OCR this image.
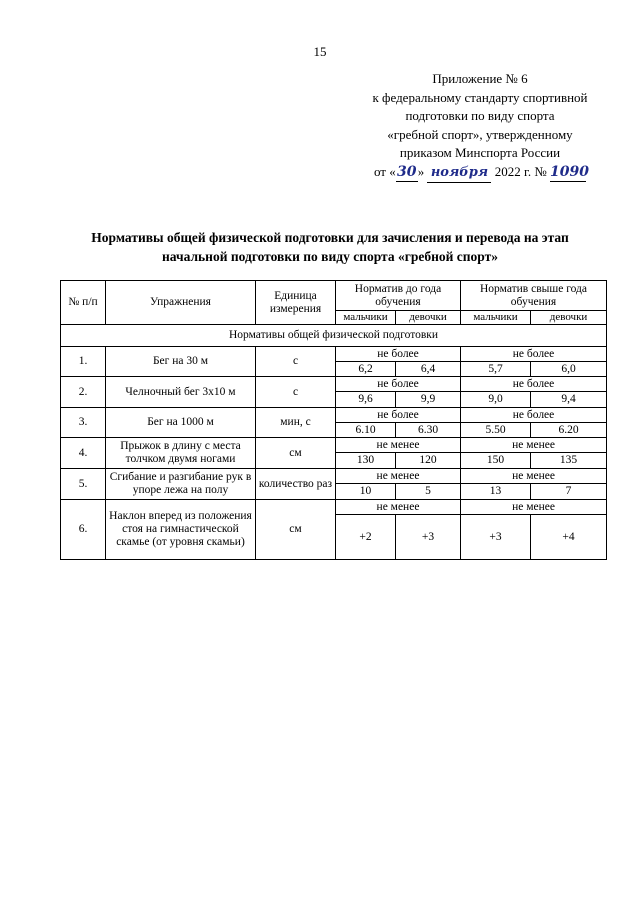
15
Приложение № 6
к федеральному стандарту спортивной
подготовки по виду спорта
«гребной спорт», утвержденному
приказом Минспорта России
от «30» ноября 2022 г. № 1090
Нормативы общей физической подготовки для зачисления и перевода на этап
начальной подготовки по виду спорта «гребной спорт»
№ п/п	Упражнения	Единица измерения	Норматив до года обучения		Норматив свыше года обучения	
			мальчики	девочки	мальчики	девочки
Нормативы общей физической подготовки						
1.	Бег на 30 м	с	не более		не более	
			6,2	6,4	5,7	6,0
2.	Челночный бег 3х10 м	с	не более		не более	
			9,6	9,9	9,0	9,4
3.	Бег на 1000 м	мин, с	не более		не более	
			6.10	6.30	5.50	6.20
4.	Прыжок в длину с места толчком двумя ногами	см	не менее		не менее	
			130	120	150	135
5.	Сгибание и разгибание рук в упоре лежа на полу	количество раз	не менее		не менее	
			10	5	13	7
6.	Наклон вперед из положения стоя на гимнастической скамье (от уровня скамьи)	см	не менее		не менее	
			+2	+3	+3	+4
